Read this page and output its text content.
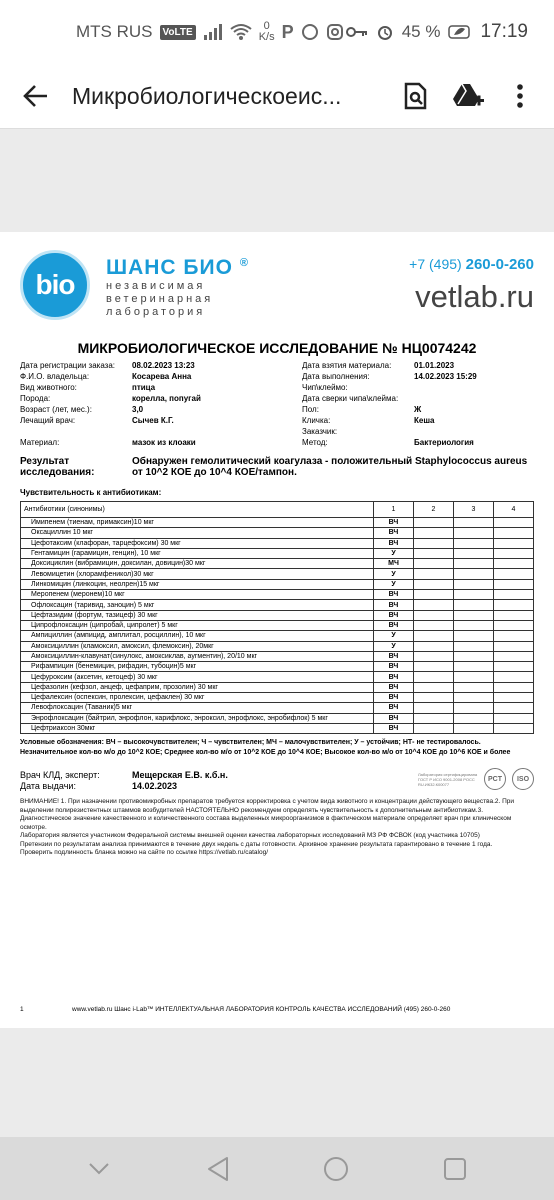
MTS RUS	VoLTE	0
K/s P	45 % 17:19
Микробиологическоеис...
bio
ШАНС БИО ®
независимая
ветеринарная
лаборатория
+7 (495) 260-0-260
vetlab.ru
МИКРОБИОЛОГИЧЕСКОЕ ИССЛЕДОВАНИЕ № НЦ0074242
Дата регистрации заказа:	08.02.2023 13:23	Дата взятия материала:	01.01.2023
Ф.И.О. владельца:	Косарева Анна	Дата выполнения:	14.02.2023 15:29
Вид животного:	птица	Чип\клеймо:
Порода:	корелла, попугай	Дата сверки чипа\клейма:
Возраст (лет, мес.):	3,0	Пол:	Ж
Лечащий врач:	Сычев К.Г.	Кличка:	Кеша
Заказчик:
Материал:	мазок из клоаки	Метод:	Бактериология
Результат исследования:
Обнаружен гемолитический коагулаза - положительный Staphylococcus aureus от 10^2 КОЕ до 10^4 КОЕ/тампон.
Чувствительность к антибиотикам:
Антибиотики (синонимы)	1	2	3	4
Имипенем (тиенам, примаксин)10 мкг	ВЧ			
Оксациллин 10 мкг	ВЧ			
Цефотаксим (клафоран, тарцефоксим) 30 мкг	ВЧ			
Гентамицин (гарамицин, генцин), 10 мкг	У			
Доксициклин (вибрамицин, доксилан, довицин)30 мкг	МЧ			
Левомицетин (хлорамфеникол)30 мкг	У			
Линкомицин (линкоцин, неолрен)15 мкг	У			
Меропенем (меронем)10 мкг	ВЧ			
Офлоксацин (таривид, заноцин) 5 мкг	ВЧ			
Цефтазидим (фортум, тазицеф) 30 мкг	ВЧ			
Ципрофлоксацин (ципробай, ципролет) 5 мкг	ВЧ			
Ампициллин (ампицид, амплитал, росциллин), 10 мкг	У			
Амоксициллин (кламоксил, амоксил, флемоксин), 20мкг	У			
Амоксициллин-клавунат(синулокс, амоксиклав, аугментин), 20/10 мкг	ВЧ			
Рифампицин (бенемицин, рифадин, тубоцин)5 мкг	ВЧ			
Цефуроксим (аксетин, кетоцеф) 30 мкг	ВЧ			
Цефазолин (кефзол, анцеф, цефаприм, прозолин) 30 мкг	ВЧ			
Цефалексин (оспексин, пролексин, цефаклен) 30 мкг	ВЧ			
Левофлоксацин (Таваник)5 мкг	ВЧ			
Энрофлоксацин (байтрил, энрофлон, карифлокс, энроксил, энрофлокс, энробифлок) 5 мкг	ВЧ			
Цефтриаксон 30мкг	ВЧ			
Условные обозначения: ВЧ – высокочувствителен; Ч – чувствителен; МЧ – малочувствителен; У – устойчив; НТ- не тестировалось.
Незначительное кол-во м/о до 10^2 КОЕ; Среднее кол-во м/о от 10^2 КОЕ до 10^4 КОЕ; Высокое кол-во м/о от 10^4 КОЕ до 10^6 КОЕ и более
Врач КЛД, эксперт:	Мещерская Е.В. к.б.н.
Дата выдачи:	14.02.2023
Лаборатория сертифицирована ГОСТ Р ИСО 9001-2008 РОСС RU.ИК32.К00077
PCT	ISO
ВНИМАНИЕ! 1. При назначении противомикробных препаратов требуется корректировка с учетом вида животного и концентрации действующего вещества.2. При выделении полирезистентных штаммов возбудителей НАСТОЯТЕЛЬНО рекомендуем определять чувствительность к дополнительным антибиотикам.3. Диагностическое значение качественного и количественного состава выделенных микроорганизмов в фактическом материале определяет врач при клиническом осмотре.
Лаборатория является участником Федеральной системы внешней оценки качества лабораторных исследований МЗ РФ ФСВОК (код участника 10705)
Претензии по результатам анализа принимаются в течение двух недель с даты готовности. Архивное хранение результата гарантировано в течение 1 года.
Проверить подлинность бланка можно на сайте по ссылке https://vetlab.ru/catalog/
1	www.vetlab.ru Шанс i-Lab™ ИНТЕЛЛЕКТУАЛЬНАЯ ЛАБОРАТОРИЯ КОНТРОЛЬ КАЧЕСТВА ИССЛЕДОВАНИЙ (495) 260-0-260
